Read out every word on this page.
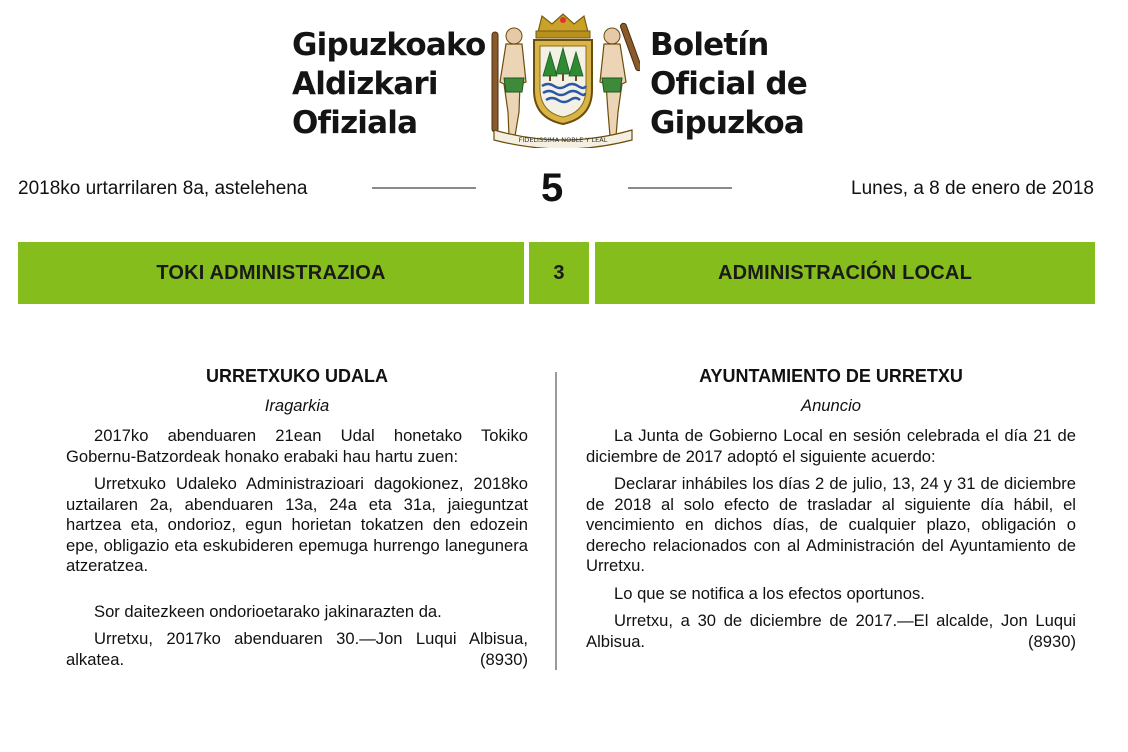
Gipuzkoako
Aldizkari
Ofiziala	FIDELISSIMA NOBLE Y LEAL
Boletín
Oficial de
Gipuzkoa
2018ko urtarrilaren 8a, astelehena	5	Lunes, a 8 de enero de 2018
TOKI ADMINISTRAZIOA	3	ADMINISTRACIÓN LOCAL
URRETXUKO UDALA
Iragarkia

2017ko abenduaren 21ean Udal honetako Tokiko Gobernu-Batzordeak honako erabaki hau hartu zuen:

Urretxuko Udaleko Administrazioari dagokionez, 2018ko uztailaren 2a, abenduaren 13a, 24a eta 31a, jaieguntzat hartzea eta, ondorioz, egun horietan tokatzen den edozein epe, obligazio eta eskubideren epemuga hurrengo lanegunera atzeratzea.

Sor daitezkeen ondorioetarako jakinarazten da.

Urretxu, 2017ko abenduaren 30.—Jon Luqui Albisua, alkatea.	(8930)

AYUNTAMIENTO DE URRETXU
Anuncio

La Junta de Gobierno Local en sesión celebrada el día 21 de diciembre de 2017 adoptó el siguiente acuerdo:

Declarar inhábiles los días 2 de julio, 13, 24 y 31 de diciembre de 2018 al solo efecto de trasladar al siguiente día hábil, el vencimiento en dichos días, de cualquier plazo, obligación o derecho relacionados con al Administración del Ayuntamiento de Urretxu.

Lo que se notifica a los efectos oportunos.

Urretxu, a 30 de diciembre de 2017.—El alcalde, Jon Luqui Albisua.	(8930)
